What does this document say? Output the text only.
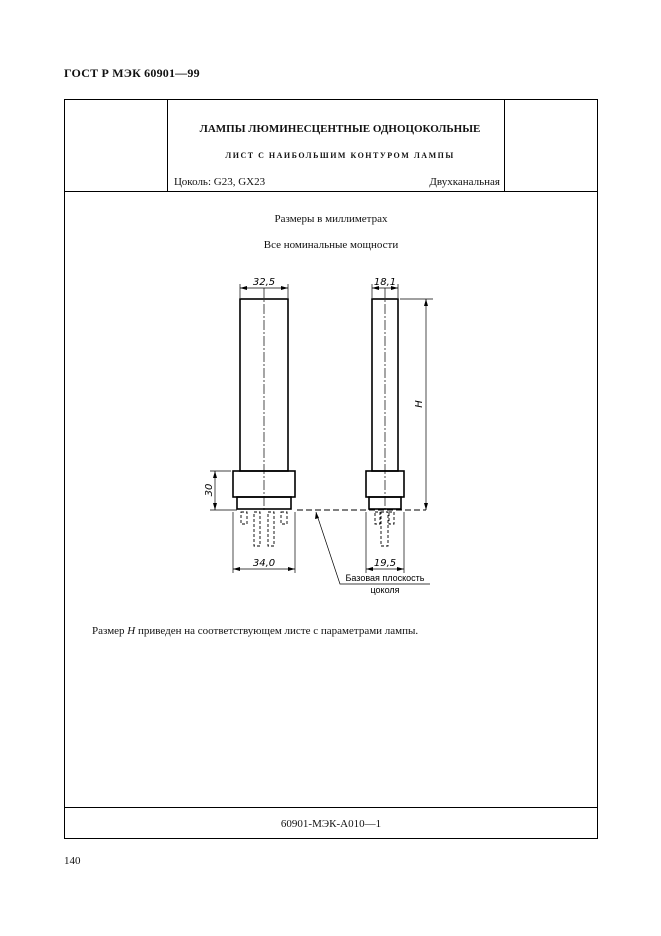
ГОСТ Р МЭК 60901—99
ЛАМПЫ ЛЮМИНЕСЦЕНТНЫЕ ОДНОЦОКОЛЬНЫЕ
ЛИСТ С НАИБОЛЬШИМ КОНТУРОМ ЛАМПЫ
Цоколь: G23, GX23	Двухканальная
Размеры в миллиметрах
Все номинальные мощности
Размер H приведен на соответствующем листе с параметрами лампы.
60901-МЭК-А010—1
140
32,5	18,1
30
H
34,0	19,5
Базовая плоскость
цоколя
